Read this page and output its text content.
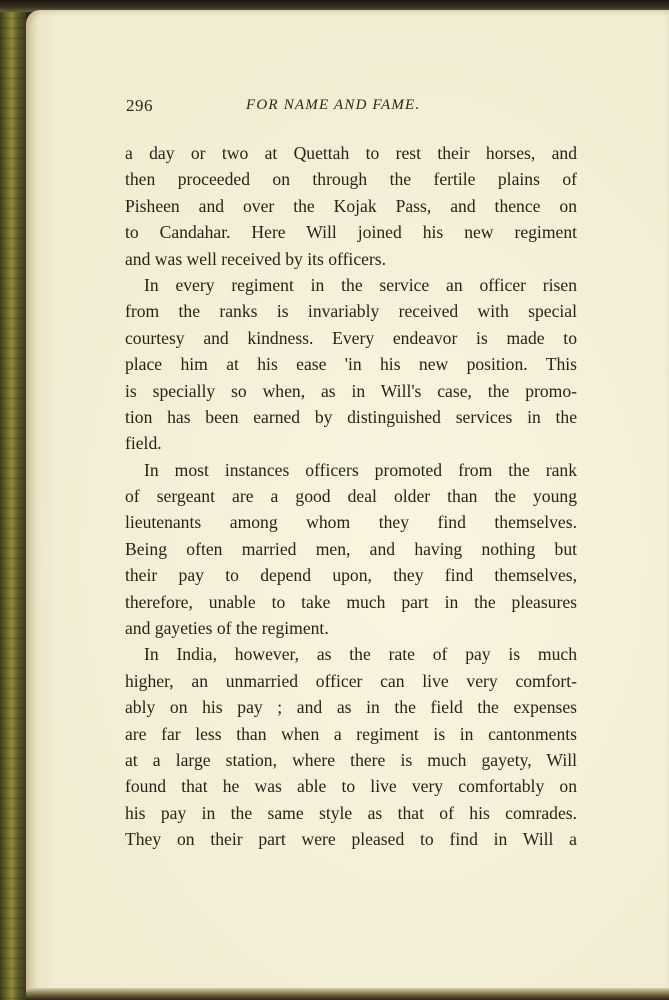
296	FOR NAME AND FAME.
a day or two at Quettah to rest their horses, and
then proceeded on through the fertile plains of
Pisheen and over the Kojak Pass, and thence on
to Candahar. Here Will joined his new regiment
and was well received by its officers.
In every regiment in the service an officer risen
from the ranks is invariably received with special
courtesy and kindness. Every endeavor is made to
place him at his ease 'in his new position. This
is specially so when, as in Will's case, the promo-
tion has been earned by distinguished services in the
field.
In most instances officers promoted from the rank
of sergeant are a good deal older than the young
lieutenants among whom they find themselves.
Being often married men, and having nothing but
their pay to depend upon, they find themselves,
therefore, unable to take much part in the pleasures
and gayeties of the regiment.
In India, however, as the rate of pay is much
higher, an unmarried officer can live very comfort-
ably on his pay ; and as in the field the expenses
are far less than when a regiment is in cantonments
at a large station, where there is much gayety, Will
found that he was able to live very comfortably on
his pay in the same style as that of his comrades.
They on their part were pleased to find in Will a
